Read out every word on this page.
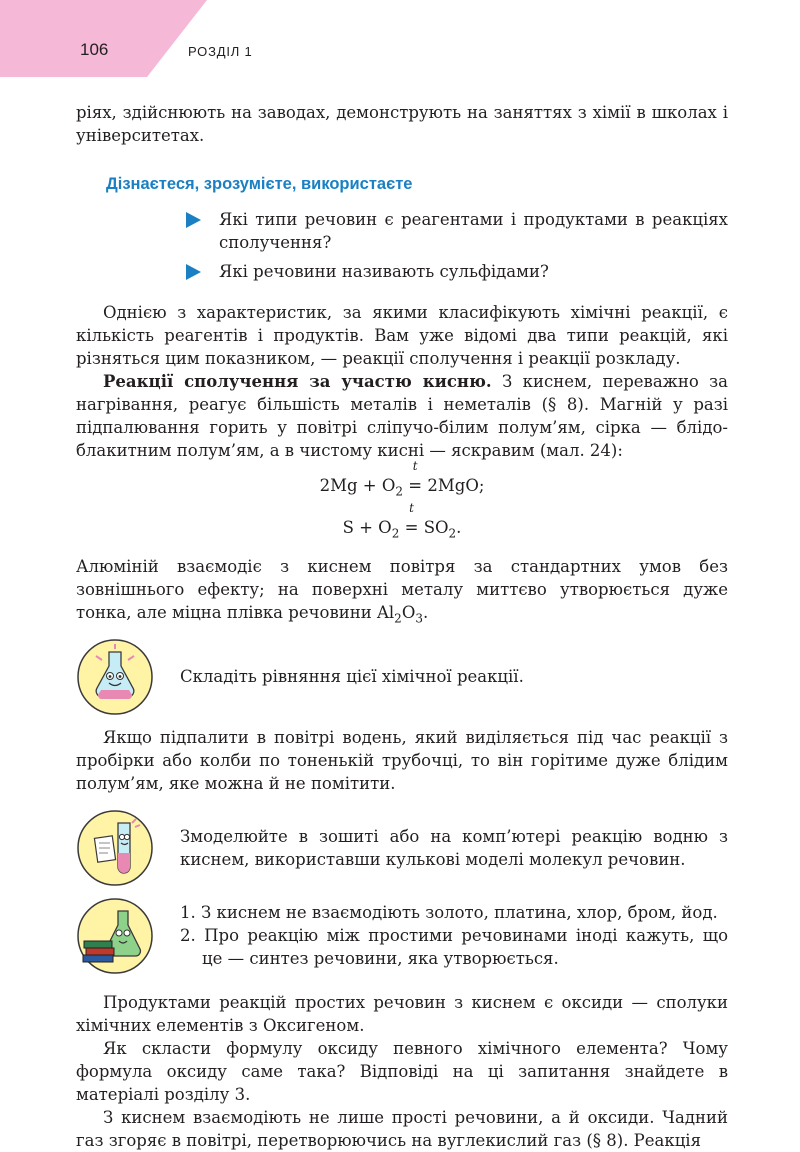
106	РОЗДІЛ 1

ріях, здійснюють на заводах, демонструють на заняттях з хімії в школах і університетах.

Дізнаєтеся, зрозумієте, використаєте
Які типи речовин є реагентами і продуктами в реакціях сполучення?
Які речовини називають сульфідами?

Однією з характеристик, за якими класифікують хімічні реакції, є кількість реагентів і продуктів. Вам уже відомі два типи реакцій, які різняться цим показником, — реакції сполучення і реакції розкладу.

Реакції сполучення за участю кисню. З киснем, переважно за нагрівання, реагує більшість металів і неметалів (§ 8). Магній у разі підпалювання горить у повітрі сліпучо-білим полум’ям, сірка — блідо-блакитним полум’ям, а в чистому кисні — яскравим (мал. 24):

$2Mg + O_2$
t
= 2MgO;
$S + O_2$
t
= $SO_2$.

Алюміній взаємодіє з киснем повітря за стандартних умов без зовнішнього ефекту; на поверхні металу миттєво утворюється дуже тонка, але міцна плівка речовини $Al_2O_3$.

Складіть рівняння цієї хімічної реакції.

Якщо підпалити в повітрі водень, який виділяється під час реакції з пробірки або колби по тоненькій трубочці, то він горітиме дуже блідим полум’ям, яке можна й не помітити.

Змоделюйте в зошиті або на комп’ютері реакцію водню з киснем, використавши кулькові моделі молекул речовин.
1. З киснем не взаємодіють золото, платина, хлор, бром, йод.
2. Про реакцію між простими речовинами іноді кажуть, що це — синтез речовини, яка утворюється.

Продуктами реакцій простих речовин з киснем є оксиди — сполуки хімічних елементів з Оксигеном.

Як скласти формулу оксиду певного хімічного елемента? Чому формула оксиду саме така? Відповіді на ці запитання знайдете в матеріалі розділу 3.

З киснем взаємодіють не лише прості речовини, а й оксиди. Чадний газ згоряє в повітрі, перетворюючись на вуглекислий газ (§ 8). Реакція
